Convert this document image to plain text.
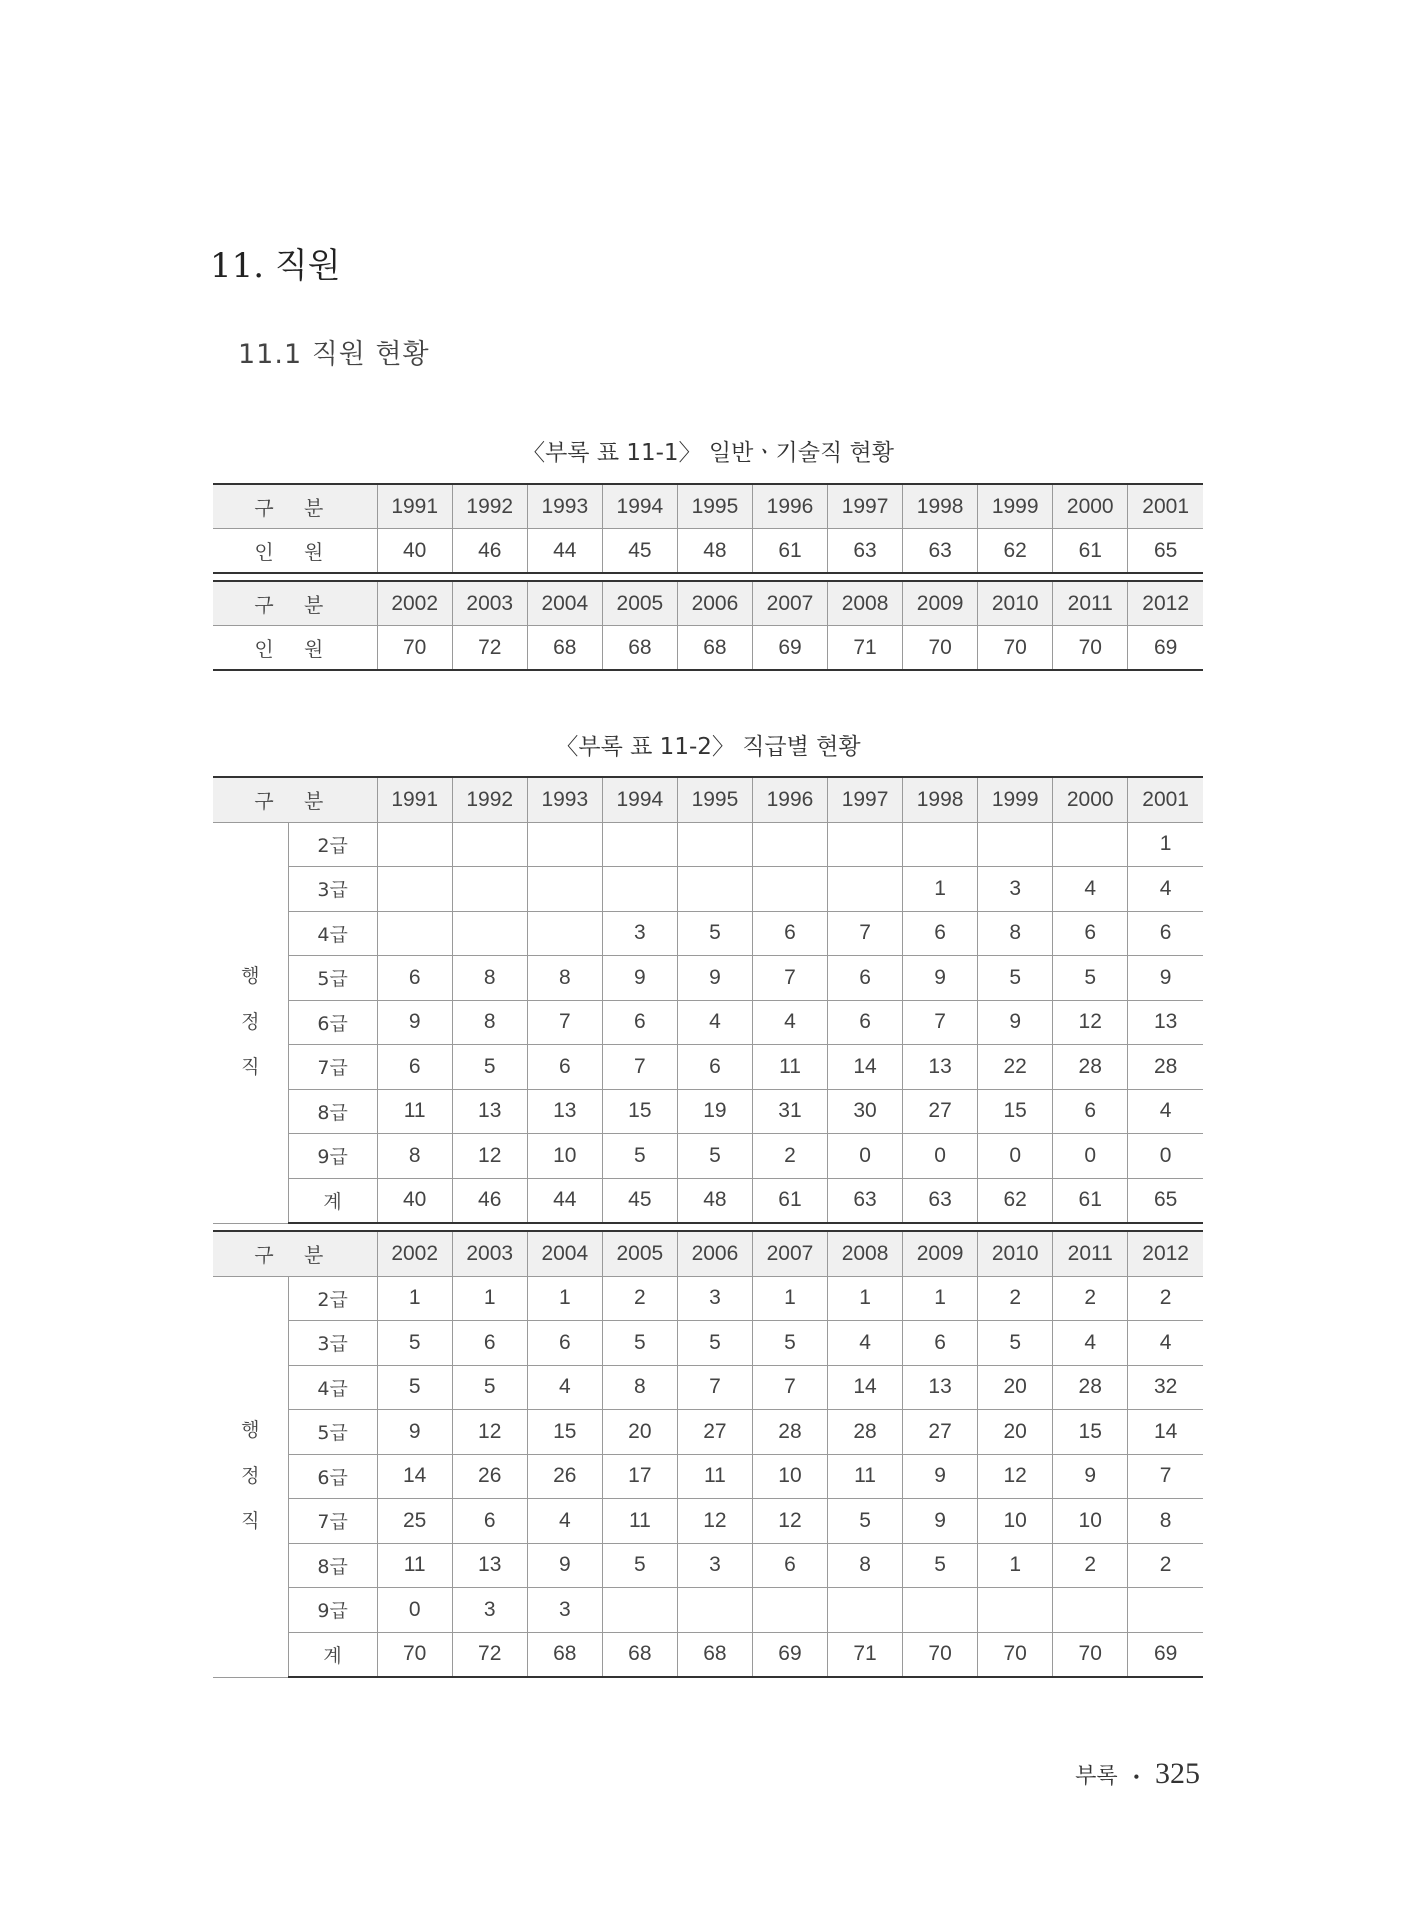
11. 직원
11.1 직원 현황
〈부록 표 11-1〉 일반ㆍ기술직 현황
구 분	1991	1992	1993	1994	1995	1996	1997	1998	1999	2000	2001
인 원	40	46	44	45	48	61	63	63	62	61	65

구 분	2002	2003	2004	2005	2006	2007	2008	2009	2010	2011	2012
인 원	70	72	68	68	68	69	71	70	70	70	69
〈부록 표 11-2〉 직급별 현황
구 분		1991	1992	1993	1994	1995	1996	1997	1998	1999	2000	2001

행
정
직	2급											1
	3급								1	3	4	4
	4급				3	5	6	7	6	8	6	6
	5급	6	8	8	9	9	7	6	9	5	5	9
	6급	9	8	7	6	4	4	6	7	9	12	13
	7급	6	5	6	7	6	11	14	13	22	28	28
	8급	11	13	13	15	19	31	30	27	15	6	4
	9급	8	12	10	5	5	2	0	0	0	0	0
	계	40	46	44	45	48	61	63	63	62	61	65

구 분		2002	2003	2004	2005	2006	2007	2008	2009	2010	2011	2012

행
정
직	2급	1	1	1	2	3	1	1	1	2	2	2
	3급	5	6	6	5	5	5	4	6	5	4	4
	4급	5	5	4	8	7	7	14	13	20	28	32
	5급	9	12	15	20	27	28	28	27	20	15	14
	6급	14	26	26	17	11	10	11	9	12	9	7
	7급	25	6	4	11	12	12	5	9	10	10	8
	8급	11	13	9	5	3	6	8	5	1	2	2
	9급	0	3	3								
	계	70	72	68	68	68	69	71	70	70	70	69
부록 • 325
